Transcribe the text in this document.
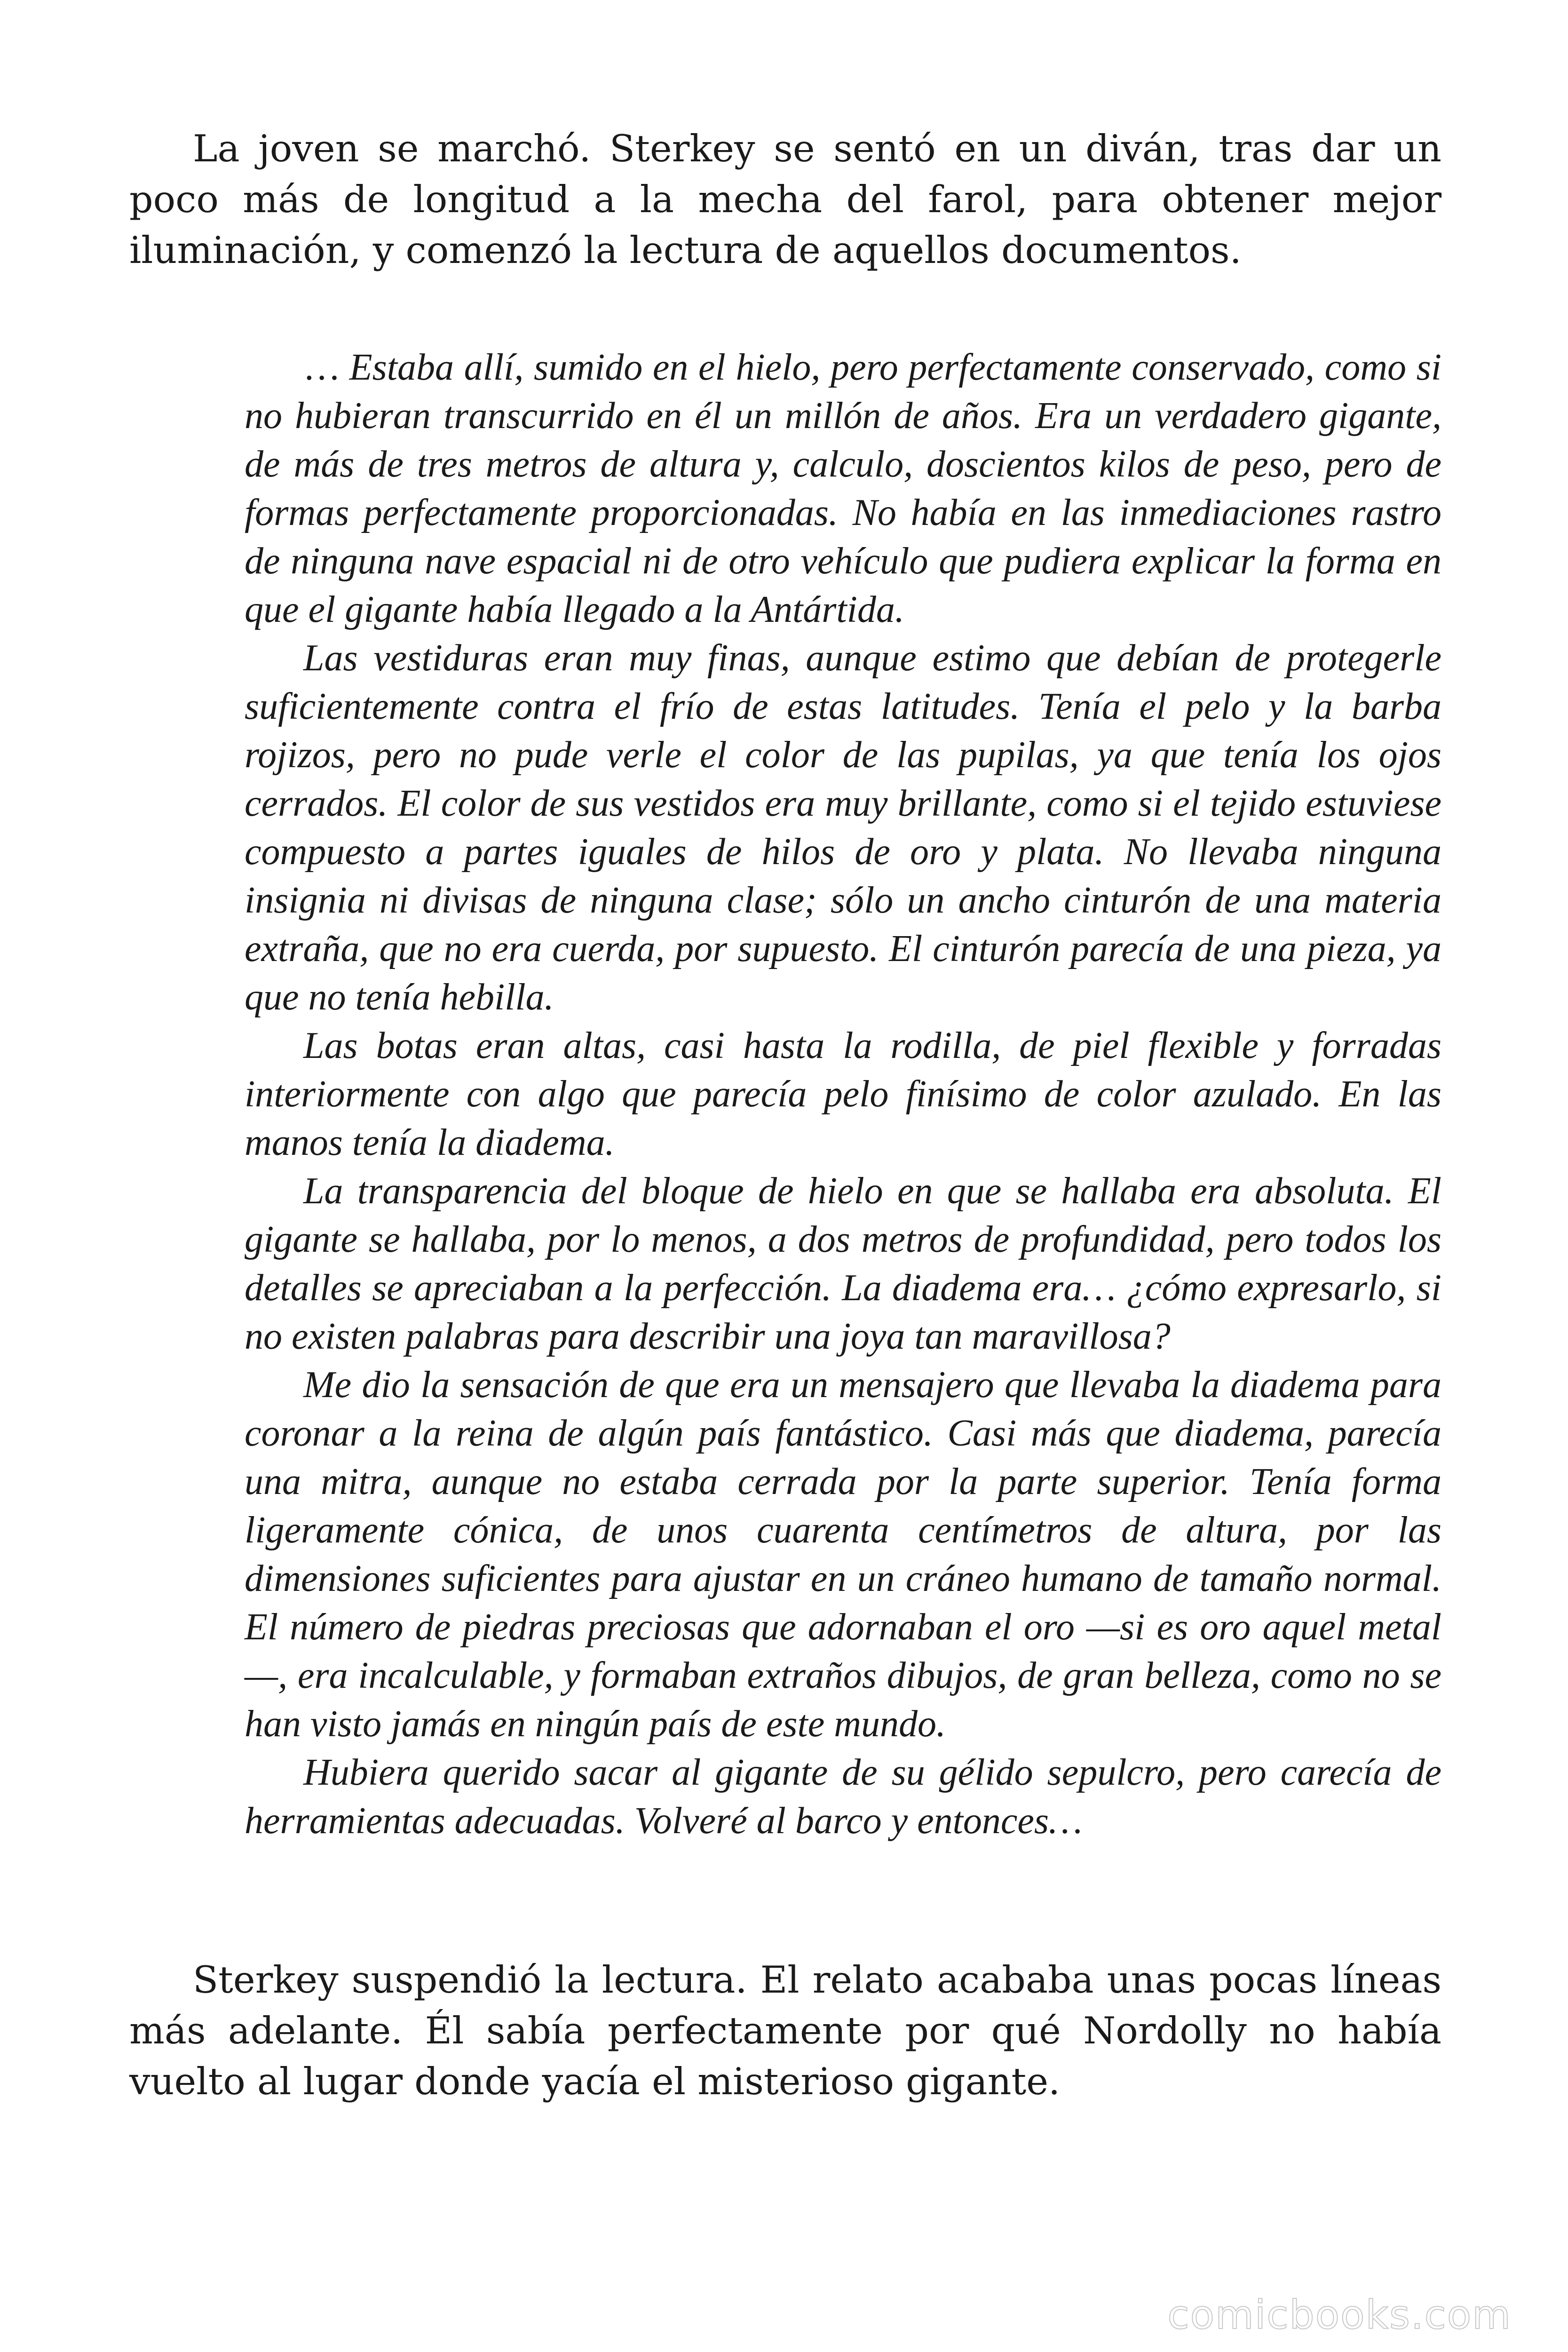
La joven se marchó. Sterkey se sentó en un diván, tras dar un poco más de longitud a la mecha del farol, para obtener mejor iluminación, y comenzó la lectura de aquellos documentos.

… Estaba allí, sumido en el hielo, pero perfectamente conservado, como si no hubieran transcurrido en él un millón de años. Era un verdadero gigante, de más de tres metros de altura y, calculo, doscientos kilos de peso, pero de formas perfectamente proporcionadas. No había en las inmediaciones rastro de ninguna nave espacial ni de otro vehículo que pudiera explicar la forma en que el gigante había llegado a la Antártida.

Las vestiduras eran muy finas, aunque estimo que debían de protegerle suficientemente contra el frío de estas latitudes. Tenía el pelo y la barba rojizos, pero no pude verle el color de las pupilas, ya que tenía los ojos cerrados. El color de sus vestidos era muy brillante, como si el tejido estuviese compuesto a partes iguales de hilos de oro y plata. No llevaba ninguna insignia ni divisas de ninguna clase; sólo un ancho cinturón de una materia extraña, que no era cuerda, por supuesto. El cinturón parecía de una pieza, ya que no tenía hebilla.

Las botas eran altas, casi hasta la rodilla, de piel flexible y forradas interiormente con algo que parecía pelo finísimo de color azulado. En las manos tenía la diadema.

La transparencia del bloque de hielo en que se hallaba era absoluta. El gigante se hallaba, por lo menos, a dos metros de profundidad, pero todos los detalles se apreciaban a la perfección. La diadema era… ¿cómo expresarlo, si no existen palabras para describir una joya tan maravillosa?

Me dio la sensación de que era un mensajero que llevaba la diadema para coronar a la reina de algún país fantástico. Casi más que diadema, parecía una mitra, aunque no estaba cerrada por la parte superior. Tenía forma ligeramente cónica, de unos cuarenta centímetros de altura, por las dimensiones suficientes para ajustar en un cráneo humano de tamaño normal. El número de piedras preciosas que adornaban el oro —si es oro aquel metal—, era incalculable, y formaban extraños dibujos, de gran belleza, como no se han visto jamás en ningún país de este mundo.

Hubiera querido sacar al gigante de su gélido sepulcro, pero carecía de herramientas adecuadas. Volveré al barco y entonces…

Sterkey suspendió la lectura. El relato acababa unas pocas líneas más adelante. Él sabía perfectamente por qué Nordolly no había vuelto al lugar donde yacía el misterioso gigante.

comicbooks.com
